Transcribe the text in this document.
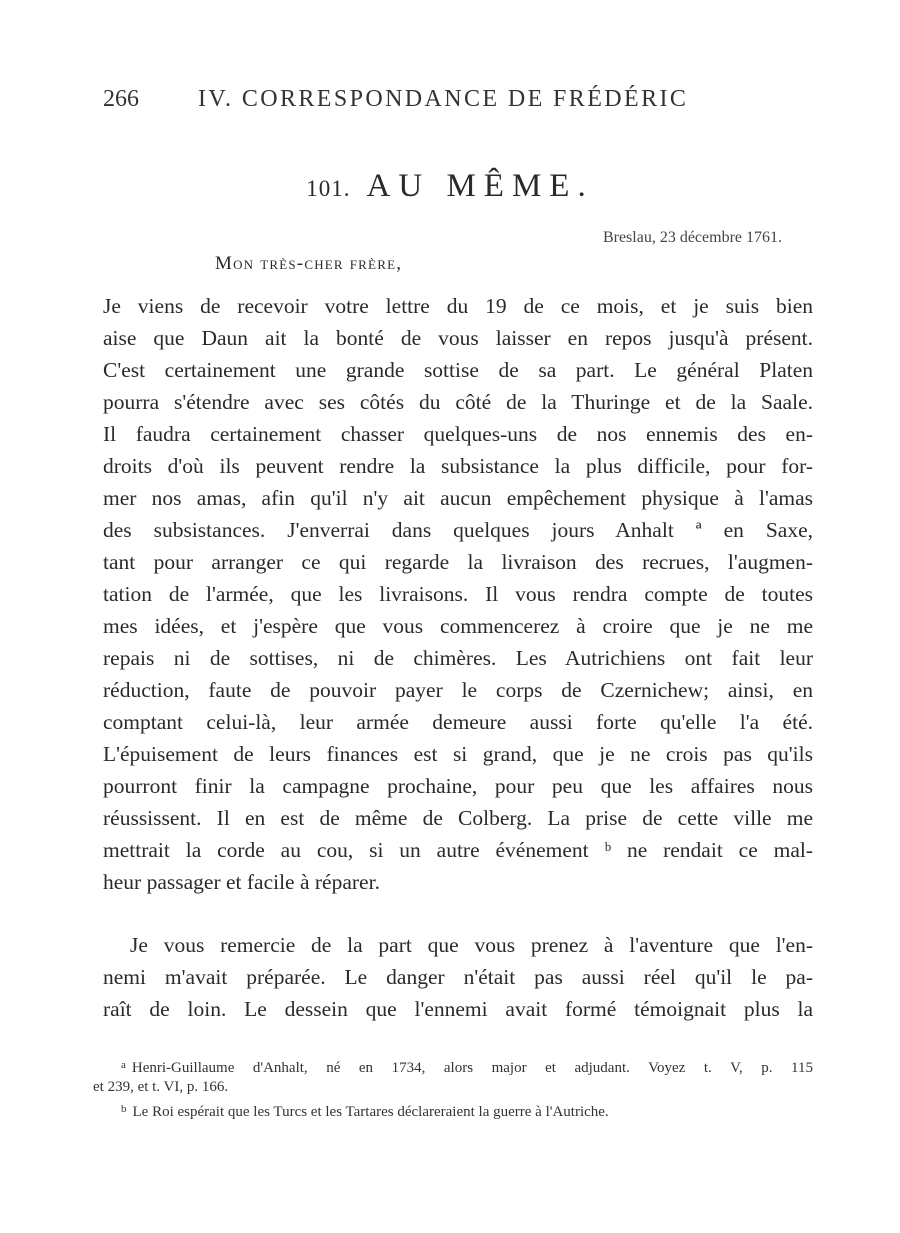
266 IV. CORRESPONDANCE DE FRÉDÉRIC
101. AU MÊME.
Breslau, 23 décembre 1761.
Mon très-cher frère,
Je viens de recevoir votre lettre du 19 de ce mois, et je suis bien
aise que Daun ait la bonté de vous laisser en repos jusqu'à présent.
C'est certainement une grande sottise de sa part. Le général Platen
pourra s'étendre avec ses côtés du côté de la Thuringe et de la Saale.
Il faudra certainement chasser quelques-uns de nos ennemis des en-
droits d'où ils peuvent rendre la subsistance la plus difficile, pour for-
mer nos amas, afin qu'il n'y ait aucun empêchement physique à l'amas
des subsistances. J'enverrai dans quelques jours Anhalt ª en Saxe,
tant pour arranger ce qui regarde la livraison des recrues, l'augmen-
tation de l'armée, que les livraisons. Il vous rendra compte de toutes
mes idées, et j'espère que vous commencerez à croire que je ne me
repais ni de sottises, ni de chimères. Les Autrichiens ont fait leur
réduction, faute de pouvoir payer le corps de Czernichew; ainsi, en
comptant celui-là, leur armée demeure aussi forte qu'elle l'a été.
L'épuisement de leurs finances est si grand, que je ne crois pas qu'ils
pourront finir la campagne prochaine, pour peu que les affaires nous
réussissent. Il en est de même de Colberg. La prise de cette ville me
mettrait la corde au cou, si un autre événement ᵇ ne rendait ce mal-
heur passager et facile à réparer.
Je vous remercie de la part que vous prenez à l'aventure que l'en-
nemi m'avait préparée. Le danger n'était pas aussi réel qu'il le pa-
raît de loin. Le dessein que l'ennemi avait formé témoignait plus la
$^a$ Henri-Guillaume d'Anhalt, né en 1734, alors major et adjudant. Voyez t. V, p. 115
et 239, et t. VI, p. 166.
$^b$ Le Roi espérait que les Turcs et les Tartares déclareraient la guerre à l'Autriche.
